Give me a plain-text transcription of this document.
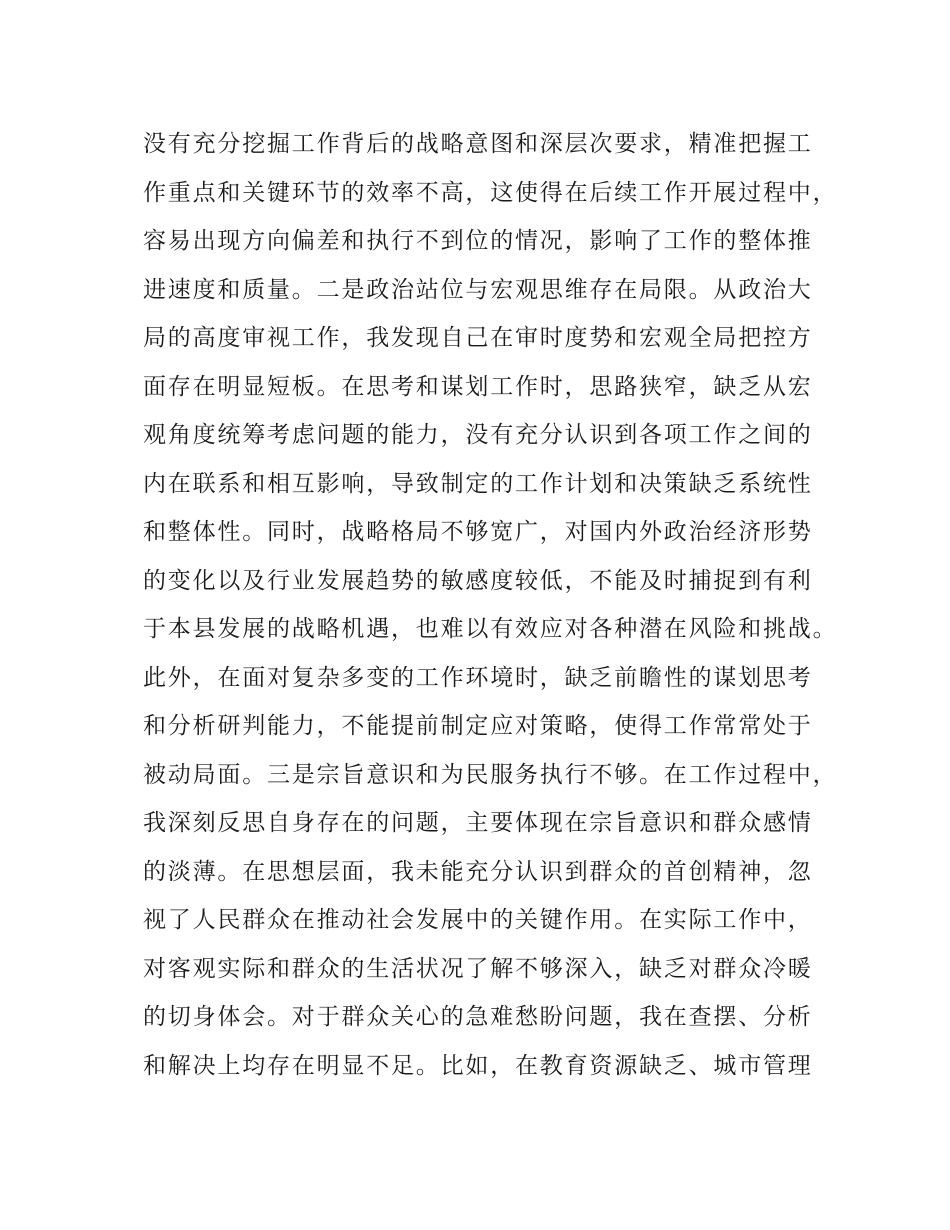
没有充分挖掘工作背后的战略意图和深层次要求，精准把握工
作重点和关键环节的效率不高，这使得在后续工作开展过程中，
容易出现方向偏差和执行不到位的情况，影响了工作的整体推
进速度和质量。二是政治站位与宏观思维存在局限。从政治大
局的高度审视工作，我发现自己在审时度势和宏观全局把控方
面存在明显短板。在思考和谋划工作时，思路狭窄，缺乏从宏
观角度统筹考虑问题的能力，没有充分认识到各项工作之间的
内在联系和相互影响，导致制定的工作计划和决策缺乏系统性
和整体性。同时，战略格局不够宽广，对国内外政治经济形势
的变化以及行业发展趋势的敏感度较低，不能及时捕捉到有利
于本县发展的战略机遇，也难以有效应对各种潜在风险和挑战。
此外，在面对复杂多变的工作环境时，缺乏前瞻性的谋划思考
和分析研判能力，不能提前制定应对策略，使得工作常常处于
被动局面。三是宗旨意识和为民服务执行不够。在工作过程中，
我深刻反思自身存在的问题，主要体现在宗旨意识和群众感情
的淡薄。在思想层面，我未能充分认识到群众的首创精神，忽
视了人民群众在推动社会发展中的关键作用。在实际工作中，
对客观实际和群众的生活状况了解不够深入，缺乏对群众冷暖
的切身体会。对于群众关心的急难愁盼问题，我在查摆、分析
和解决上均存在明显不足。比如，在教育资源缺乏、城市管理
